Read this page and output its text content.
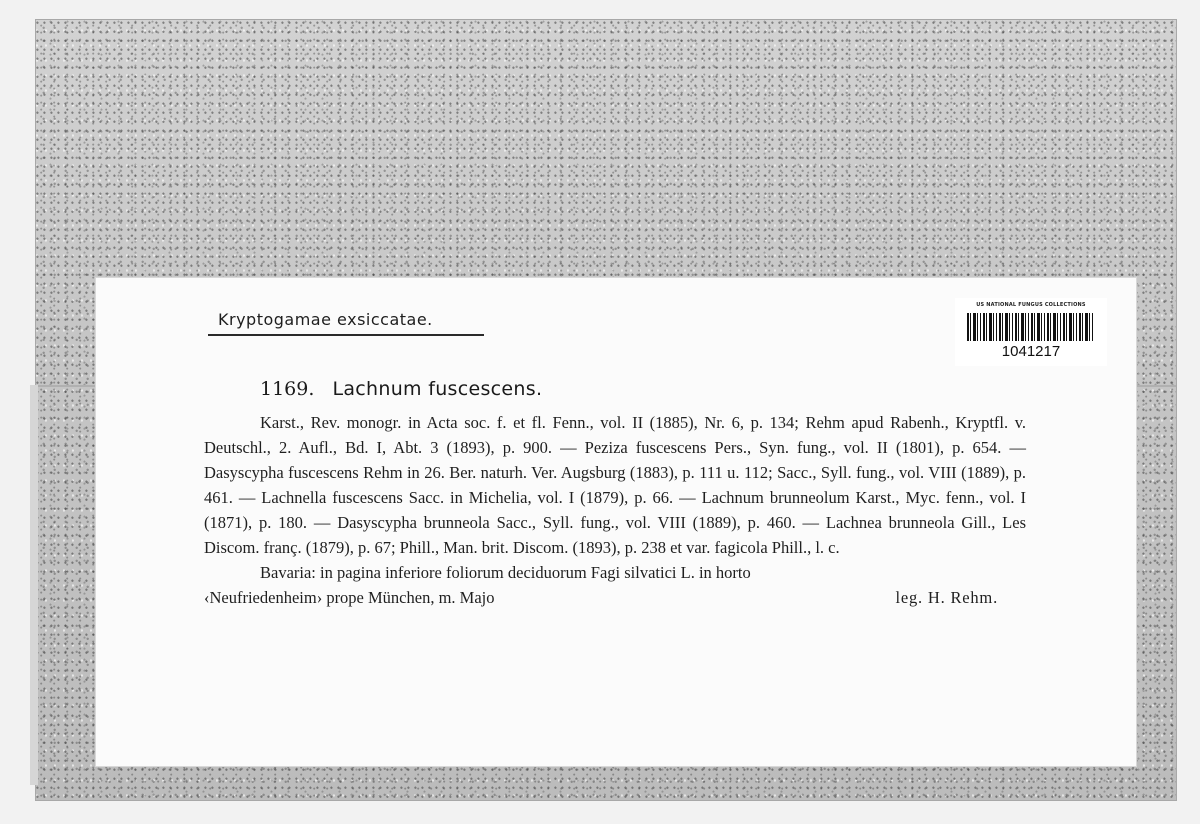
Kryptogamae exsiccatae.
US NATIONAL FUNGUS COLLECTIONS
1041217
1169. Lachnum fuscescens.

Karst., Rev. monogr. in Acta soc. f. et fl. Fenn., vol. II (1885), Nr. 6, p. 134; Rehm apud Rabenh., Kryptfl. v. Deutschl., 2. Aufl., Bd. I, Abt. 3 (1893), p. 900. — Peziza fuscescens Pers., Syn. fung., vol. II (1801), p. 654. — Dasyscypha fuscescens Rehm in 26. Ber. naturh. Ver. Augsburg (1883), p. 111 u. 112; Sacc., Syll. fung., vol. VIII (1889), p. 461. — Lachnella fuscescens Sacc. in Michelia, vol. I (1879), p. 66. — Lachnum brunneolum Karst., Myc. fenn., vol. I (1871), p. 180. — Dasyscypha brunneola Sacc., Syll. fung., vol. VIII (1889), p. 460. — Lachnea brunneola Gill., Les Discom. franç. (1879), p. 67; Phill., Man. brit. Discom. (1893), p. 238 et var. fagicola Phill., l. c.

Bavaria: in pagina inferiore foliorum deciduorum Fagi silvatici L. in horto

‹Neufriedenheim› prope München, m. Majo	leg. H. Rehm.
